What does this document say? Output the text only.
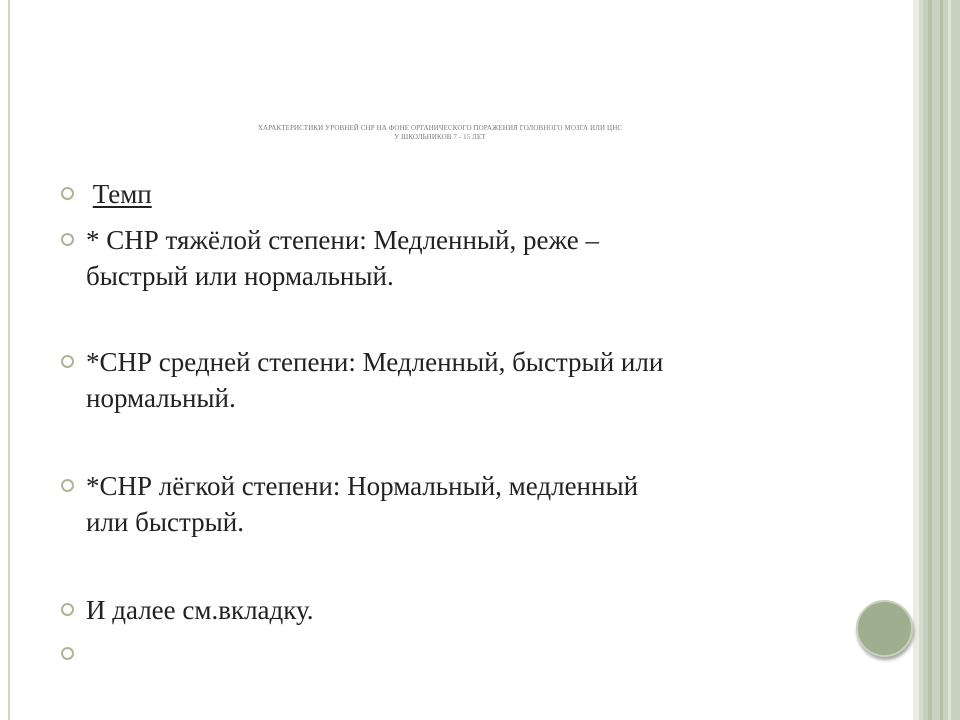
ХАРАКТЕРИСТИКИ УРОВНЕЙ СНР НА ФОНЕ ОРГАНИЧЕСКОГО ПОРАЖЕНИЯ ГОЛОВНОГО МОЗГА ИЛИ ЦНС
У ШКОЛЬНИКОВ 7 - 15 ЛЕТ
Темп
* СНР тяжёлой степени: Медленный, реже –
быстрый или нормальный.
*СНР средней степени: Медленный, быстрый или
нормальный.
*СНР лёгкой степени: Нормальный, медленный
или быстрый.
И далее см.вкладку.
